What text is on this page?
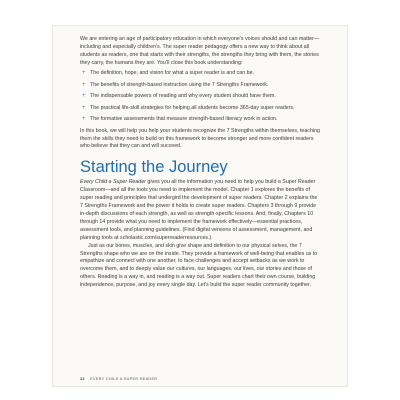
We are entering an age of participatory education in which everyone’s voices should and can matter—including and especially children’s. The super reader pedagogy offers a new way to think about all students as readers, one that starts with their strengths, the strengths they bring with them, the stories they carry, the humans they are. You’ll close this book understanding:

+ The definition, hope, and vision for what a super reader is and can be.
+ The benefits of strength-based instruction using the 7 Strengths Framework.
+ The indispensable powers of reading and why every student should have them.
+ The practical life-skill strategies for helping all students become 365-day super readers.
+ The formative assessments that measure strength-based literacy work in action.

In this book, we will help you help your students recognize the 7 Strengths within themselves, teaching them the skills they need to build on this framework to become stronger and more confident readers who believe that they can and will succeed.

Starting the Journey

Every Child a Super Reader gives you all the information you need to help you build a Super Reader Classroom—and all the tools you need to implement the model. Chapter 1 explores the benefits of super reading and principles that undergird the development of super readers. Chapter 2 explains the 7 Strengths Framework and the power it holds to create super readers. Chapters 3 through 9 provide in-depth discussions of each strength, as well as strength-specific lessons. And, finally, Chapters 10 through 14 provide what you need to implement the framework effectively—essential practices, assessment tools, and planning guidelines. (Find digital versions of assessment, management, and planning tools at scholastic.com/superreaderresources.)

Just as our bones, muscles, and skin give shape and definition to our physical selves, the 7 Strengths shape who we are on the inside. They provide a framework of well-being that enables us to empathize and connect with one another, to face challenges and accept setbacks as we work to overcome them, and to deeply value our cultures, our languages, our lives, our stories and those of others. Reading is a way in, and reading is a way out. Super readers chart their own course, building independence, purpose, and joy every single day. Let’s build the super reader community together.

12 EVERY CHILD A SUPER READER
